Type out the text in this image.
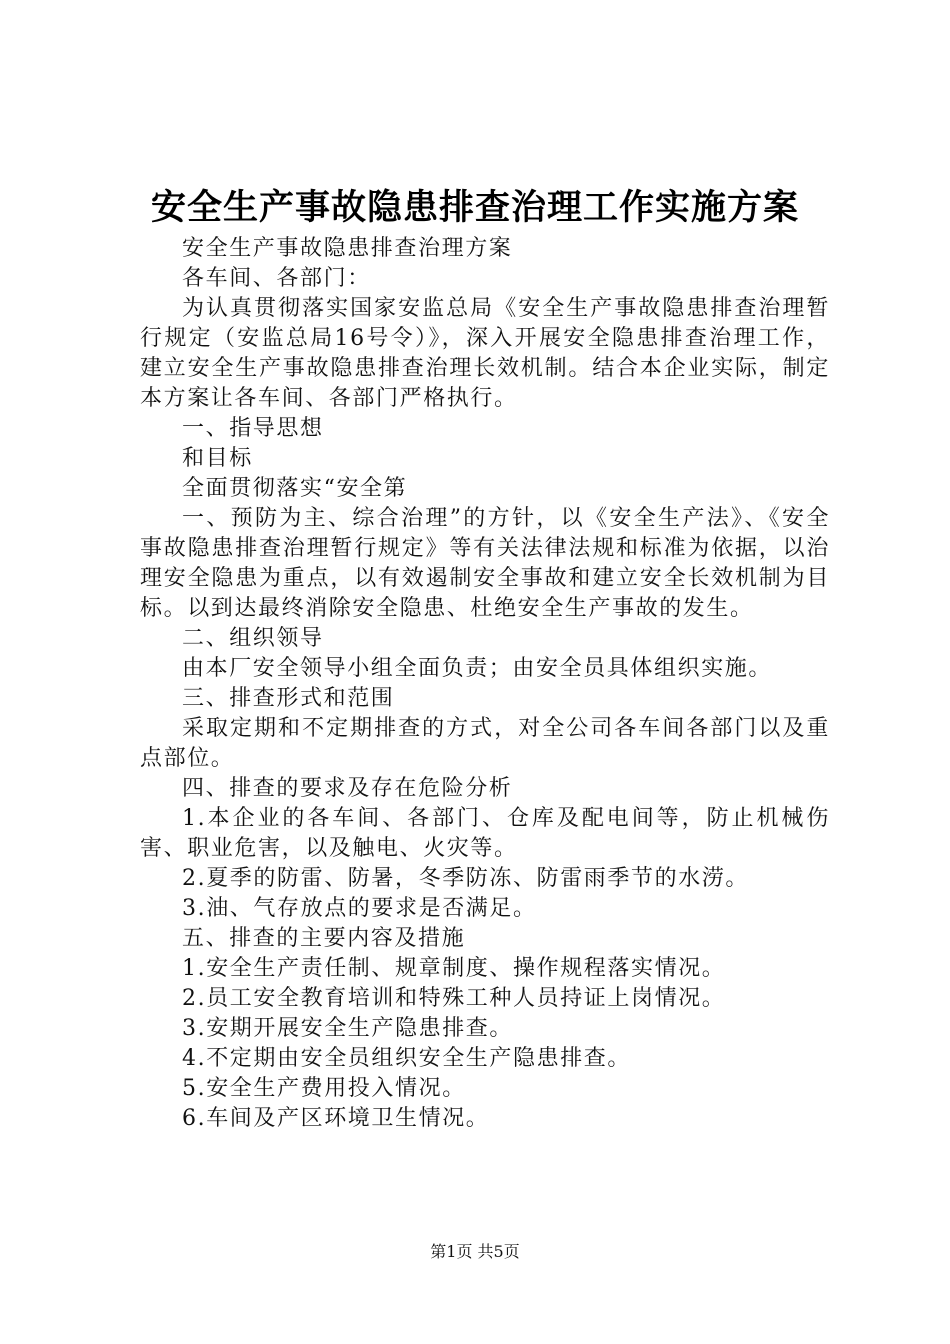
安全生产事故隐患排查治理工作实施方案

安全生产事故隐患排查治理方案

各车间、各部门：

为认真贯彻落实国家安监总局《安全生产事故隐患排查治理暂行规定（安监总局16号令）》，深入开展安全隐患排查治理工作，建立安全生产事故隐患排查治理长效机制。结合本企业实际，制定本方案让各车间、各部门严格执行。

一、指导思想

和目标

全面贯彻落实“安全第

一、预防为主、综合治理”的方针，以《安全生产法》、《安全事故隐患排查治理暂行规定》等有关法律法规和标准为依据，以治理安全隐患为重点，以有效遏制安全事故和建立安全长效机制为目标。以到达最终消除安全隐患、杜绝安全生产事故的发生。

二、组织领导

由本厂安全领导小组全面负责；由安全员具体组织实施。

三、排查形式和范围

采取定期和不定期排查的方式，对全公司各车间各部门以及重点部位。

四、排查的要求及存在危险分析

1.本企业的各车间、各部门、仓库及配电间等，防止机械伤害、职业危害，以及触电、火灾等。

2.夏季的防雷、防暑，冬季防冻、防雷雨季节的水涝。

3.油、气存放点的要求是否满足。

五、排查的主要内容及措施

1.安全生产责任制、规章制度、操作规程落实情况。

2.员工安全教育培训和特殊工种人员持证上岗情况。

3.安期开展安全生产隐患排查。

4.不定期由安全员组织安全生产隐患排查。

5.安全生产费用投入情况。

6.车间及产区环境卫生情况。

第1页 共5页
